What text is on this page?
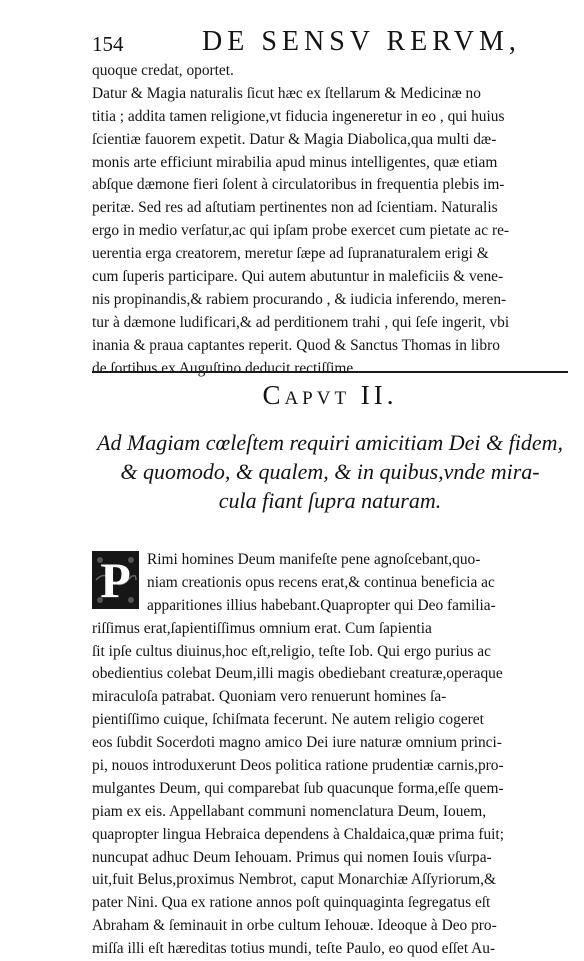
154	DE SENSV RERVM,
quoque credat, oportet.
Datur & Magia naturalis ſicut hæc ex ſtellarum & Medicinæ no
titia ; addita tamen religione,vt fiducia ingeneretur in eo , qui huius
ſcientiæ fauorem expetit. Datur & Magia Diabolica,qua multi dæ-
monis arte efficiunt mirabilia apud minus intelligentes, quæ etiam
abſque dæmone fieri ſolent à circulatoribus in frequentia plebis im-
peritæ. Sed res ad aſtutiam pertinentes non ad ſcientiam. Naturalis
ergo in medio verſatur,ac qui ipſam probe exercet cum pietate ac re-
uerentia erga creatorem, meretur ſæpe ad ſupranaturalem erigi &
cum ſuperis participare. Qui autem abutuntur in maleficiis & vene-
nis propinandis,& rabiem procurando , & iudicia inferendo, meren-
tur à dæmone ludificari,& ad perditionem trahi , qui ſeſe ingerit, vbi
inania & praua captantes reperit. Quod & Sanctus Thomas in libro
de ſortibus ex Auguſtino deducit rectiſſime.
Capvt II.
Ad Magiam cœleſtem requiri amicitiam Dei & fidem,
& quomodo, & qualem, & in quibus,vnde mira-
cula fiant ſupra naturam.
P	Rimi homines Deum manifeſte pene agnoſcebant,quo-
niam creationis opus recens erat,& continua beneficia ac
apparitiones illius habebant.Quapropter qui Deo familia-
riſſimus erat,ſapientiſſimus omnium erat. Cum ſapientia
ſit ipſe cultus diuinus,hoc eſt,religio, teſte Iob. Qui ergo purius ac
obedientius colebat Deum,illi magis obediebant creaturæ,operaque
miraculoſa patrabat. Quoniam vero renuerunt homines ſa-
pientiſſimo cuique, ſchiſmata fecerunt. Ne autem religio cogeret
eos ſubdit Socerdoti magno amico Dei iure naturæ omnium princi-
pi, nouos introduxerunt Deos politica ratione prudentiæ carnis,pro-
mulgantes Deum, qui comparebat ſub quacunque forma,eſſe quem-
piam ex eis. Appellabant communi nomenclatura Deum, Iouem,
quapropter lingua Hebraica dependens à Chaldaica,quæ prima fuit;
nuncupat adhuc Deum Iehouam. Primus qui nomen Iouis vſurpa-
uit,fuit Belus,proximus Nembrot, caput Monarchiæ Aſſyriorum,&
pater Nini. Qua ex ratione annos poſt quinquaginta ſegregatus eſt
Abraham & ſeminauit in orbe cultum Iehouæ. Ideoque à Deo pro-
miſſa illi eſt hæreditas totius mundi, teſte Paulo, eo quod eſſet Au-
